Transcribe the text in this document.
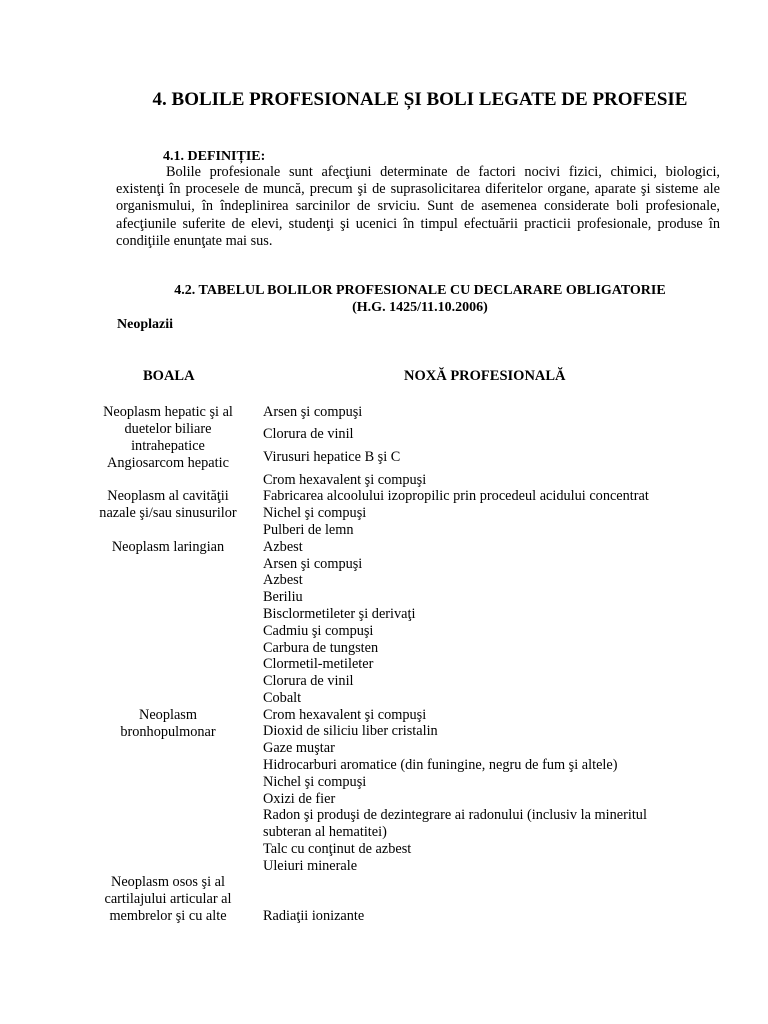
4. BOLILE PROFESIONALE ȘI BOLI LEGATE DE PROFESIE
4.1. DEFINIȚIE:
Bolile profesionale sunt afecţiuni determinate de factori nocivi fizici, chimici, biologici, existenţi în procesele de muncă, precum şi de suprasolicitarea diferitelor organe, aparate şi sisteme ale organismului, în îndeplinirea sarcinilor de srviciu. Sunt de asemenea considerate boli profesionale, afecţiunile suferite de elevi, studenţi şi ucenici în timpul efectuării practicii profesionale, produse în condiţiile enunţate mai sus.
4.2. TABELUL BOLILOR PROFESIONALE CU DECLARARE OBLIGATORIE
(H.G. 1425/11.10.2006)
Neoplazii
BOALA	NOXĂ PROFESIONALĂ
Neoplasm hepatic şi al
duetelor biliare
intrahepatice
Angiosarcom hepatic
Neoplasm al cavităţii
nazale şi/sau sinusurilor
Neoplasm laringian
Neoplasm
bronhopulmonar
Neoplasm osos şi al
cartilajului articular al
membrelor şi cu alte
Arsen şi compuşi
Clorura de vinil
Virusuri hepatice B şi C
Crom hexavalent şi compuşi
Fabricarea alcoolului izopropilic prin procedeul acidului concentrat
Nichel şi compuşi
Pulberi de lemn
Azbest
Arsen şi compuşi
Azbest
Beriliu
Bisclormetileter şi derivaţi
Cadmiu şi compuşi
Carbura de tungsten
Clormetil-metileter
Clorura de vinil
Cobalt
Crom hexavalent şi compuşi
Dioxid de siliciu liber cristalin
Gaze muştar
Hidrocarburi aromatice (din funingine, negru de fum şi altele)
Nichel şi compuşi
Oxizi de fier
Radon şi produşi de dezintegrare ai radonului (inclusiv la mineritul
subteran al hematitei)
Talc cu conţinut de azbest
Uleiuri minerale
Radiaţii ionizante
